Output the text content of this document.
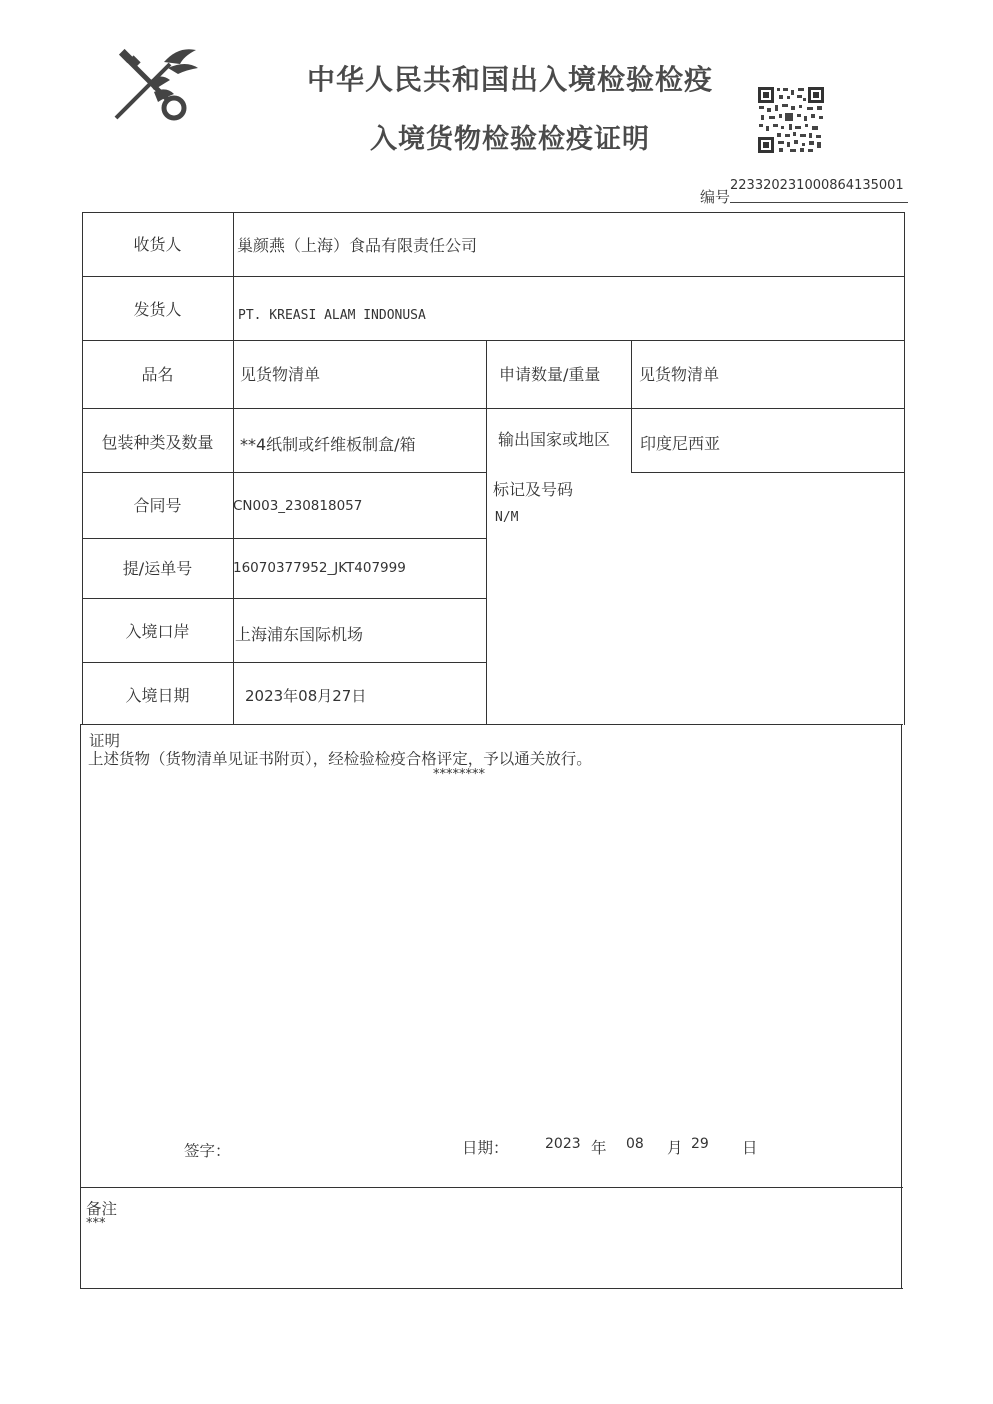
中华人民共和国出入境检验检疫
入境货物检验检疫证明
编号
223320231000864135001
收货人	巢颜燕（上海）食品有限责任公司
发货人	PT. KREASI ALAM INDONUSA
品名	见货物清单	申请数量/重量 见货物清单
包装种类及数量	**4纸制或纤维板制盒/箱	输出国家或地区 印度尼西亚
合同号	CN003_230818057
标记及号码
N/M
提/运单号	16070377952_JKT407999
入境口岸	上海浦东国际机场
入境日期	2023年08月27日
证明
上述货物（货物清单见证书附页），经检验检疫合格评定，予以通关放行。
********
签字：	日期：	2023 年 08 月 29 日
备注
***
